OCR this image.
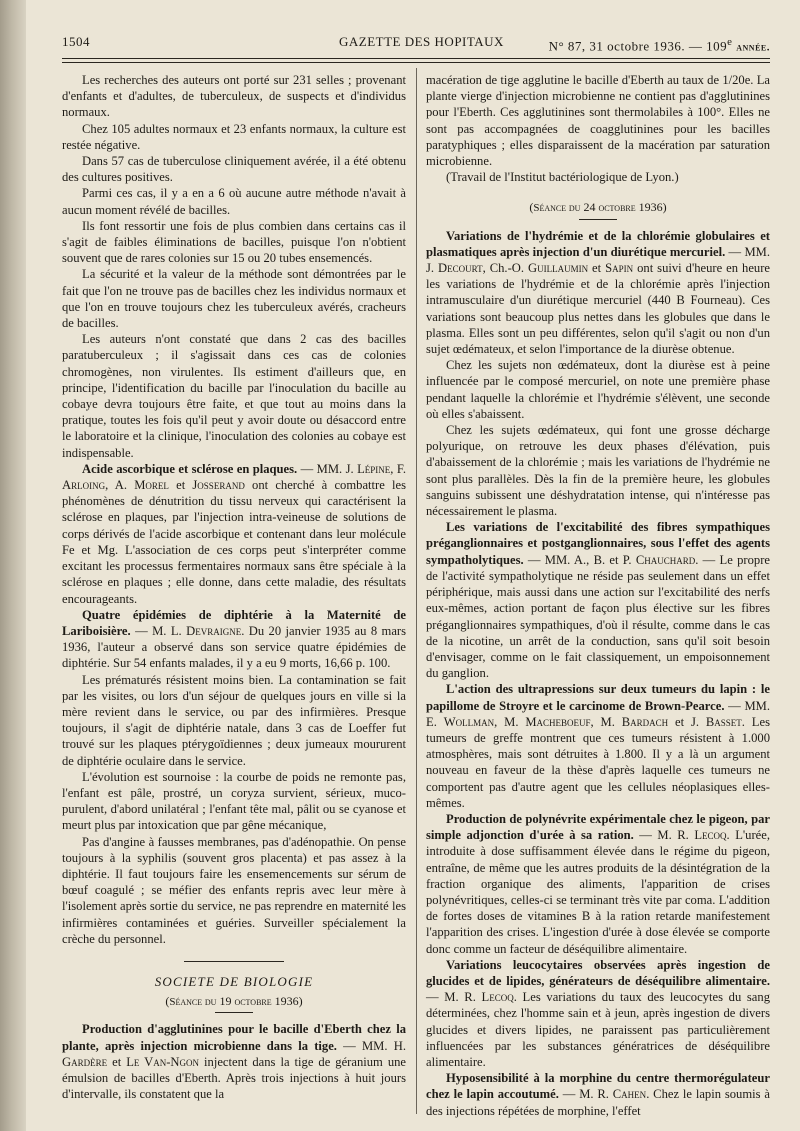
1504	GAZETTE DES HOPITAUX	N° 87, 31 octobre 1936. — 109e année.

Les recherches des auteurs ont porté sur 231 selles ; provenant d'enfants et d'adultes, de tuberculeux, de suspects et d'individus normaux.

Chez 105 adultes normaux et 23 enfants normaux, la culture est restée négative.

Dans 57 cas de tuberculose cliniquement avérée, il a été obtenu des cultures positives.

Parmi ces cas, il y a en a 6 où aucune autre méthode n'avait à aucun moment révélé de bacilles.

Ils font ressortir une fois de plus combien dans certains cas il s'agit de faibles éliminations de bacilles, puisque l'on n'obtient souvent que de rares colonies sur 15 ou 20 tubes ensemencés.

La sécurité et la valeur de la méthode sont démontrées par le fait que l'on ne trouve pas de bacilles chez les individus normaux et que l'on en trouve toujours chez les tuberculeux avérés, cracheurs de bacilles.

Les auteurs n'ont constaté que dans 2 cas des bacilles paratuberculeux ; il s'agissait dans ces cas de colonies chromogènes, non virulentes. Ils estiment d'ailleurs que, en principe, l'identification du bacille par l'inoculation du bacille au cobaye devra toujours être faite, et que tout au moins dans la pratique, toutes les fois qu'il peut y avoir doute ou désaccord entre le laboratoire et la clinique, l'inoculation des colonies au cobaye est indispensable.

Acide ascorbique et sclérose en plaques. — MM. J. Lépine, F. Arloing, A. Morel et Josserand ont cherché à combattre les phénomènes de dénutrition du tissu nerveux qui caractérisent la sclérose en plaques, par l'injection intra-veineuse de solutions de corps dérivés de l'acide ascorbique et contenant dans leur molécule Fe et Mg. L'association de ces corps peut s'interpréter comme excitant les processus fermentaires normaux sans être spéciale à la sclérose en plaques ; elle donne, dans cette maladie, des résultats encourageants.

Quatre épidémies de diphtérie à la Maternité de Lariboisière. — M. L. Devraigne. Du 20 janvier 1935 au 8 mars 1936, l'auteur a observé dans son service quatre épidémies de diphtérie. Sur 54 enfants malades, il y a eu 9 morts, 16,66 p. 100.

Les prématurés résistent moins bien. La contamination se fait par les visites, ou lors d'un séjour de quelques jours en ville si la mère revient dans le service, ou par des infirmières. Presque toujours, il s'agit de diphtérie natale, dans 3 cas de Loeffer fut trouvé sur les plaques ptérygoïdiennes ; deux jumeaux moururent de diphtérie oculaire dans le service.

L'évolution est sournoise : la courbe de poids ne remonte pas, l'enfant est pâle, prostré, un coryza survient, sérieux, muco-purulent, d'abord unilatéral ; l'enfant tête mal, pâlit ou se cyanose et meurt plus par intoxication que par gêne mécanique,

Pas d'angine à fausses membranes, pas d'adénopathie. On pense toujours à la syphilis (souvent gros placenta) et pas assez à la diphtérie. Il faut toujours faire les ensemencements sur sérum de bœuf coagulé ; se méfier des enfants repris avec leur mère à l'isolement après sortie du service, ne pas reprendre en maternité les infirmières contaminées et guéries. Surveiller spécialement la crèche du personnel.

SOCIETE DE BIOLOGIE
(Séance du 19 octobre 1936)

Production d'agglutinines pour le bacille d'Eberth chez la plante, après injection microbienne dans la tige. — MM. H. Gardère et Le Van-Ngon injectent dans la tige de géranium une émulsion de bacilles d'Eberth. Après trois injections à huit jours d'intervalle, ils constatent que la

macération de tige agglutine le bacille d'Eberth au taux de 1/20e. La plante vierge d'injection microbienne ne contient pas d'agglutinines pour l'Eberth. Ces agglutinines sont thermolabiles à 100°. Elles ne sont pas accompagnées de coagglutinines pour les bacilles paratyphiques ; elles disparaissent de la macération par saturation microbienne.

(Travail de l'Institut bactériologique de Lyon.)

(Séance du 24 octobre 1936)

Variations de l'hydrémie et de la chlorémie globulaires et plasmatiques après injection d'un diurétique mercuriel. — MM. J. Decourt, Ch.-O. Guillaumin et Sapin ont suivi d'heure en heure les variations de l'hydrémie et de la chlorémie après l'injection intramusculaire d'un diurétique mercuriel (440 B Fourneau). Ces variations sont beaucoup plus nettes dans les globules que dans le plasma. Elles sont un peu différentes, selon qu'il s'agit ou non d'un sujet œdémateux, et selon l'importance de la diurèse obtenue.

Chez les sujets non œdémateux, dont la diurèse est à peine influencée par le composé mercuriel, on note une première phase pendant laquelle la chlorémie et l'hydrémie s'élèvent, une seconde où elles s'abaissent.

Chez les sujets œdémateux, qui font une grosse décharge polyurique, on retrouve les deux phases d'élévation, puis d'abaissement de la chlorémie ; mais les variations de l'hydrémie ne sont plus parallèles. Dès la fin de la première heure, les globules sanguins subissent une déshydratation intense, qui n'intéresse pas nécessairement le plasma.

Les variations de l'excitabilité des fibres sympathiques préganglionnaires et postganglionnaires, sous l'effet des agents sympatholytiques. — MM. A., B. et P. Chauchard. — Le propre de l'activité sympatholytique ne réside pas seulement dans un effet périphérique, mais aussi dans une action sur l'excitabilité des nerfs eux-mêmes, action portant de façon plus élective sur les fibres préganglionnaires sympathiques, d'où il résulte, comme dans le cas de la nicotine, un arrêt de la conduction, sans qu'il soit besoin d'envisager, comme on le fait classiquement, un empoisonnement du ganglion.

L'action des ultrapressions sur deux tumeurs du lapin : le papillome de Stroyre et le carcinome de Brown-Pearce. — MM. E. Wollman, M. Macheboeuf, M. Bardach et J. Basset. Les tumeurs de greffe montrent que ces tumeurs résistent à 1.000 atmosphères, mais sont détruites à 1.800. Il y a là un argument nouveau en faveur de la thèse d'après laquelle ces tumeurs ne comportent pas d'autre agent que les cellules néoplasiques elles-mêmes.

Production de polynévrite expérimentale chez le pigeon, par simple adjonction d'urée à sa ration. — M. R. Lecoq. L'urée, introduite à dose suffisamment élevée dans le régime du pigeon, entraîne, de même que les autres produits de la désintégration de la fraction organique des aliments, l'apparition de crises polynévritiques, celles-ci se terminant très vite par coma. L'addition de fortes doses de vitamines B à la ration retarde manifestement l'apparition des crises. L'ingestion d'urée à dose élevée se comporte donc comme un facteur de déséquilibre alimentaire.

Variations leucocytaires observées après ingestion de glucides et de lipides, générateurs de déséquilibre alimentaire. — M. R. Lecoq. Les variations du taux des leucocytes du sang déterminées, chez l'homme sain et à jeun, après ingestion de divers glucides et divers lipides, ne paraissent pas particulièrement influencées par les substances génératrices de déséquilibre alimentaire.

Hyposensibilité à la morphine du centre thermorégulateur chez le lapin accoutumé. — M. R. Cahen. Chez le lapin soumis à des injections répétées de morphine, l'effet
